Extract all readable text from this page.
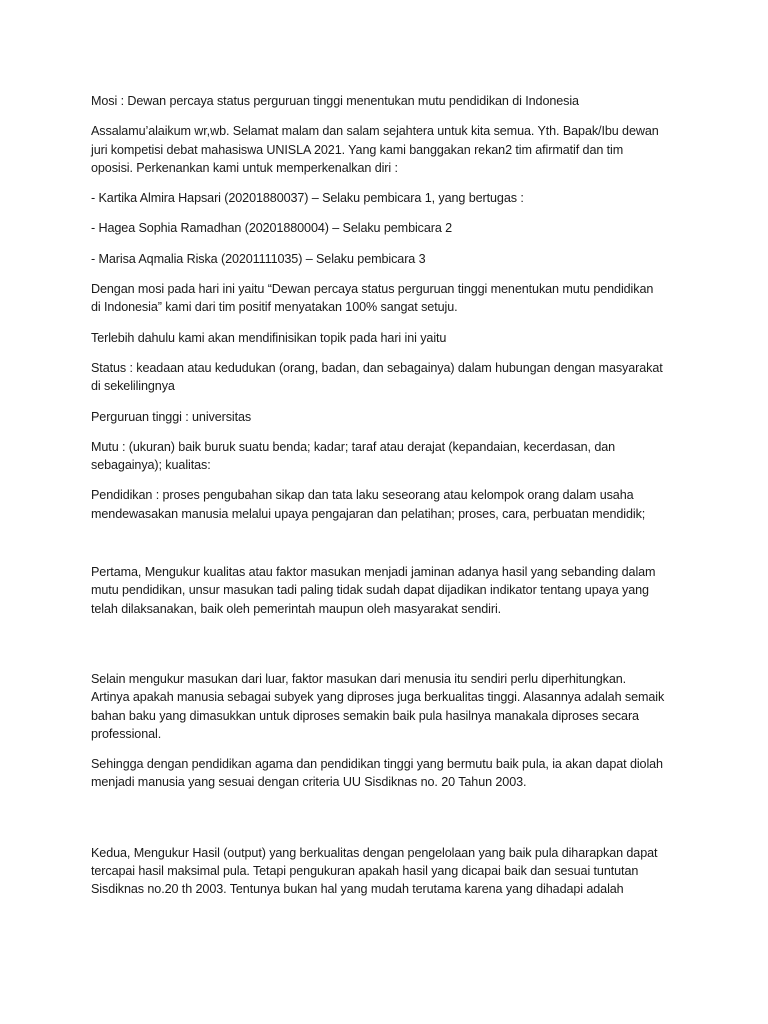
Mosi : Dewan percaya status perguruan tinggi menentukan mutu pendidikan di Indonesia

Assalamu’alaikum wr,wb. Selamat malam dan salam sejahtera untuk kita semua. Yth. Bapak/Ibu dewan
juri kompetisi debat mahasiswa UNISLA 2021. Yang kami banggakan rekan2 tim afirmatif dan tim
oposisi. Perkenankan kami untuk memperkenalkan diri :

- Kartika Almira Hapsari (20201880037) – Selaku pembicara 1, yang bertugas :

- Hagea Sophia Ramadhan (20201880004) – Selaku pembicara 2

- Marisa Aqmalia Riska (20201111035) – Selaku pembicara 3

Dengan mosi pada hari ini yaitu “Dewan percaya status perguruan tinggi menentukan mutu pendidikan
di Indonesia” kami dari tim positif menyatakan 100% sangat setuju.

Terlebih dahulu kami akan mendifinisikan topik pada hari ini yaitu

Status : keadaan atau kedudukan (orang, badan, dan sebagainya) dalam hubungan dengan masyarakat
di sekelilingnya

Perguruan tinggi : universitas

Mutu : (ukuran) baik buruk suatu benda; kadar; taraf atau derajat (kepandaian, kecerdasan, dan
sebagainya); kualitas:

Pendidikan : proses pengubahan sikap dan tata laku seseorang atau kelompok orang dalam usaha
mendewasakan manusia melalui upaya pengajaran dan pelatihan; proses, cara, perbuatan mendidik;

Pertama, Mengukur kualitas atau faktor masukan menjadi jaminan adanya hasil yang sebanding dalam
mutu pendidikan, unsur masukan tadi paling tidak sudah dapat dijadikan indikator tentang upaya yang
telah dilaksanakan, baik oleh pemerintah maupun oleh masyarakat sendiri.

Selain mengukur masukan dari luar, faktor masukan dari menusia itu sendiri perlu diperhitungkan.
Artinya apakah manusia sebagai subyek yang diproses juga berkualitas tinggi. Alasannya adalah semaik
bahan baku yang dimasukkan untuk diproses semakin baik pula hasilnya manakala diproses secara
professional.

Sehingga dengan pendidikan agama dan pendidikan tinggi yang bermutu baik pula, ia akan dapat diolah
menjadi manusia yang sesuai dengan criteria UU Sisdiknas no. 20 Tahun 2003.

Kedua, Mengukur Hasil (output) yang berkualitas dengan pengelolaan yang baik pula diharapkan dapat
tercapai hasil maksimal pula. Tetapi pengukuran apakah hasil yang dicapai baik dan sesuai tuntutan
Sisdiknas no.20 th 2003. Tentunya bukan hal yang mudah terutama karena yang dihadapi adalah
